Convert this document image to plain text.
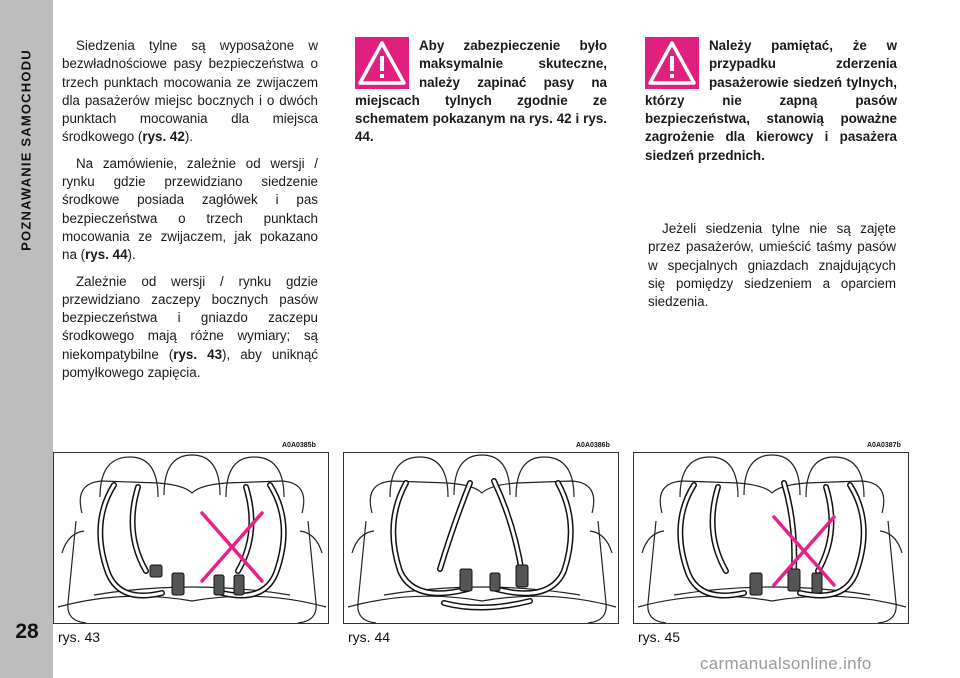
POZNAWANIE SAMOCHODU
28

Siedzenia tylne są wyposażone w bezwładnościowe pasy bezpieczeństwa o trzech punktach mocowania ze zwijaczem dla pasażerów miejsc bocznych i o dwóch punktach mocowania dla miejsca środkowego (rys. 42).

Na zamówienie, zależnie od wersji / rynku gdzie przewidziano siedzenie środkowe posiada zagłówek i pas bezpieczeństwa o trzech punktach mocowania ze zwijaczem, jak pokazano na (rys. 44).

Zależnie od wersji / rynku gdzie przewidziano zaczepy bocznych pasów bezpieczeństwa i gniazdo zaczepu środkowego mają różne wymiary; są niekompatybilne (rys. 43), aby uniknąć pomyłkowego zapięcia.

Aby zabezpieczenie było maksymalnie skuteczne, należy zapinać pasy na miejscach tylnych zgodnie ze schematem pokazanym na rys. 42 i rys. 44.
Należy pamiętać, że w przypadku zderzenia pasażerowie siedzeń tylnych, którzy nie zapną pasów bezpieczeństwa, stanowią poważne zagrożenie dla kierowcy i pasażera siedzeń przednich.

Jeżeli siedzenia tylne nie są zajęte przez pasażerów, umieścić taśmy pasów w specjalnych gniazdach znajdujących się pomiędzy siedzeniem a oparciem siedzenia.

A0A0385b
rys. 43
A0A0386b
rys. 44
A0A0387b
rys. 45
carmanualsonline.info
